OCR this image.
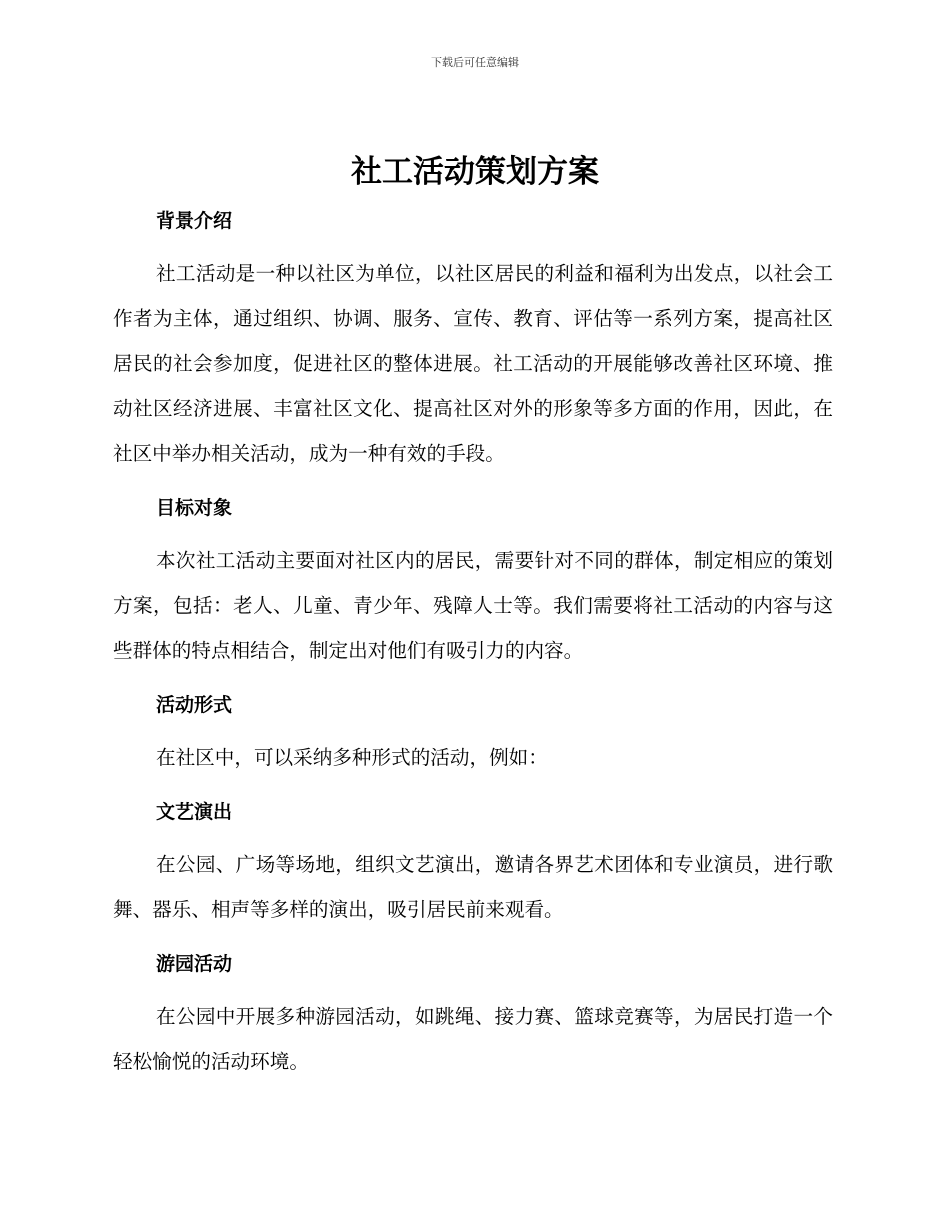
下载后可任意编辑
社工活动策划方案
背景介绍

社工活动是一种以社区为单位，以社区居民的利益和福利为出发点，以社会工作者为主体，通过组织、协调、服务、宣传、教育、评估等一系列方案，提高社区居民的社会参加度，促进社区的整体进展。社工活动的开展能够改善社区环境、推动社区经济进展、丰富社区文化、提高社区对外的形象等多方面的作用，因此，在社区中举办相关活动，成为一种有效的手段。

目标对象

本次社工活动主要面对社区内的居民，需要针对不同的群体，制定相应的策划方案，包括：老人、儿童、青少年、残障人士等。我们需要将社工活动的内容与这些群体的特点相结合，制定出对他们有吸引力的内容。

活动形式

在社区中，可以采纳多种形式的活动，例如：

文艺演出

在公园、广场等场地，组织文艺演出，邀请各界艺术团体和专业演员，进行歌舞、器乐、相声等多样的演出，吸引居民前来观看。

游园活动

在公园中开展多种游园活动，如跳绳、接力赛、篮球竞赛等，为居民打造一个轻松愉悦的活动环境。
